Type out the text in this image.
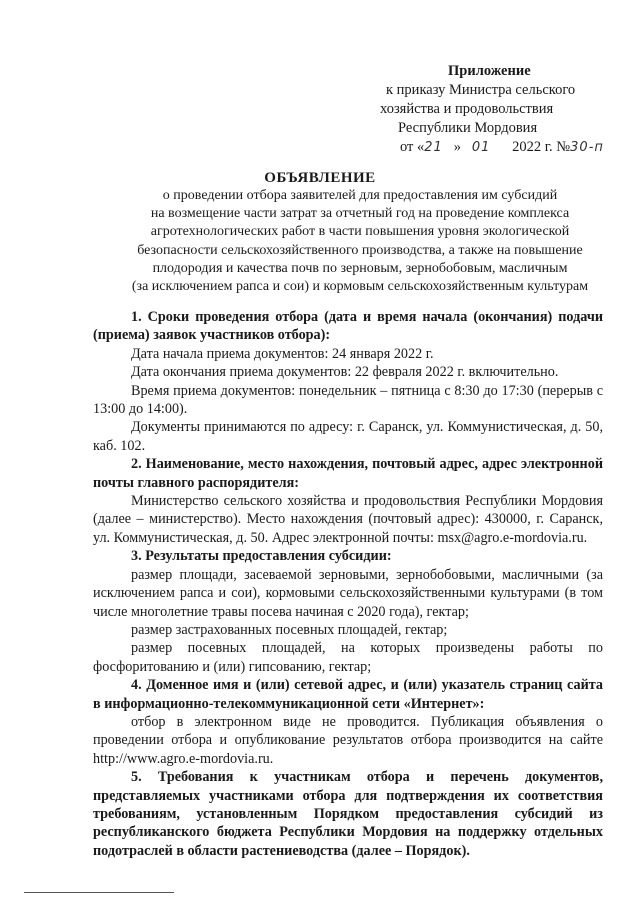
Приложение
к приказу Министра сельского
хозяйства и продовольствия
Республики Мордовия
от «21 » 01 2022 г. №30-п
ОБЪЯВЛЕНИЕ
о проведении отбора заявителей для предоставления им субсидий
на возмещение части затрат за отчетный год на проведение комплекса
агротехнологических работ в части повышения уровня экологической
безопасности сельскохозяйственного производства, а также на повышение
плодородия и качества почв по зерновым, зернобобовым, масличным
(за исключением рапса и сои) и кормовым сельскохозяйственным культурам

1. Сроки проведения отбора (дата и время начала (окончания) подачи (приема) заявок участников отбора):

Дата начала приема документов: 24 января 2022 г.

Дата окончания приема документов: 22 февраля 2022 г. включительно.

Время приема документов: понедельник – пятница с 8:30 до 17:30 (перерыв с 13:00 до 14:00).

Документы принимаются по адресу: г. Саранск, ул. Коммунистическая, д. 50, каб. 102.

2. Наименование, место нахождения, почтовый адрес, адрес электронной почты главного распорядителя:

Министерство сельского хозяйства и продовольствия Республики Мордовия (далее – министерство). Место нахождения (почтовый адрес): 430000, г. Саранск, ул. Коммунистическая, д. 50. Адрес электронной почты: msx@agro.e-mordovia.ru.

3. Результаты предоставления субсидии:

размер площади, засеваемой зерновыми, зернобобовыми, масличными (за исключением рапса и сои), кормовыми сельскохозяйственными культурами (в том числе многолетние травы посева начиная с 2020 года), гектар;

размер застрахованных посевных площадей, гектар;

размер посевных площадей, на которых произведены работы по фосфоритованию и (или) гипсованию, гектар;

4. Доменное имя и (или) сетевой адрес, и (или) указатель страниц сайта в информационно-телекоммуникационной сети «Интернет»:

отбор в электронном виде не проводится. Публикация объявления о проведении отбора и опубликование результатов отбора производится на сайте http://www.agro.e-mordovia.ru.

5. Требования к участникам отбора и перечень документов, представляемых участниками отбора для подтверждения их соответствия требованиям, установленным Порядком предоставления субсидий из республиканского бюджета Республики Мордовия на поддержку отдельных подотраслей в области растениеводства (далее – Порядок).
